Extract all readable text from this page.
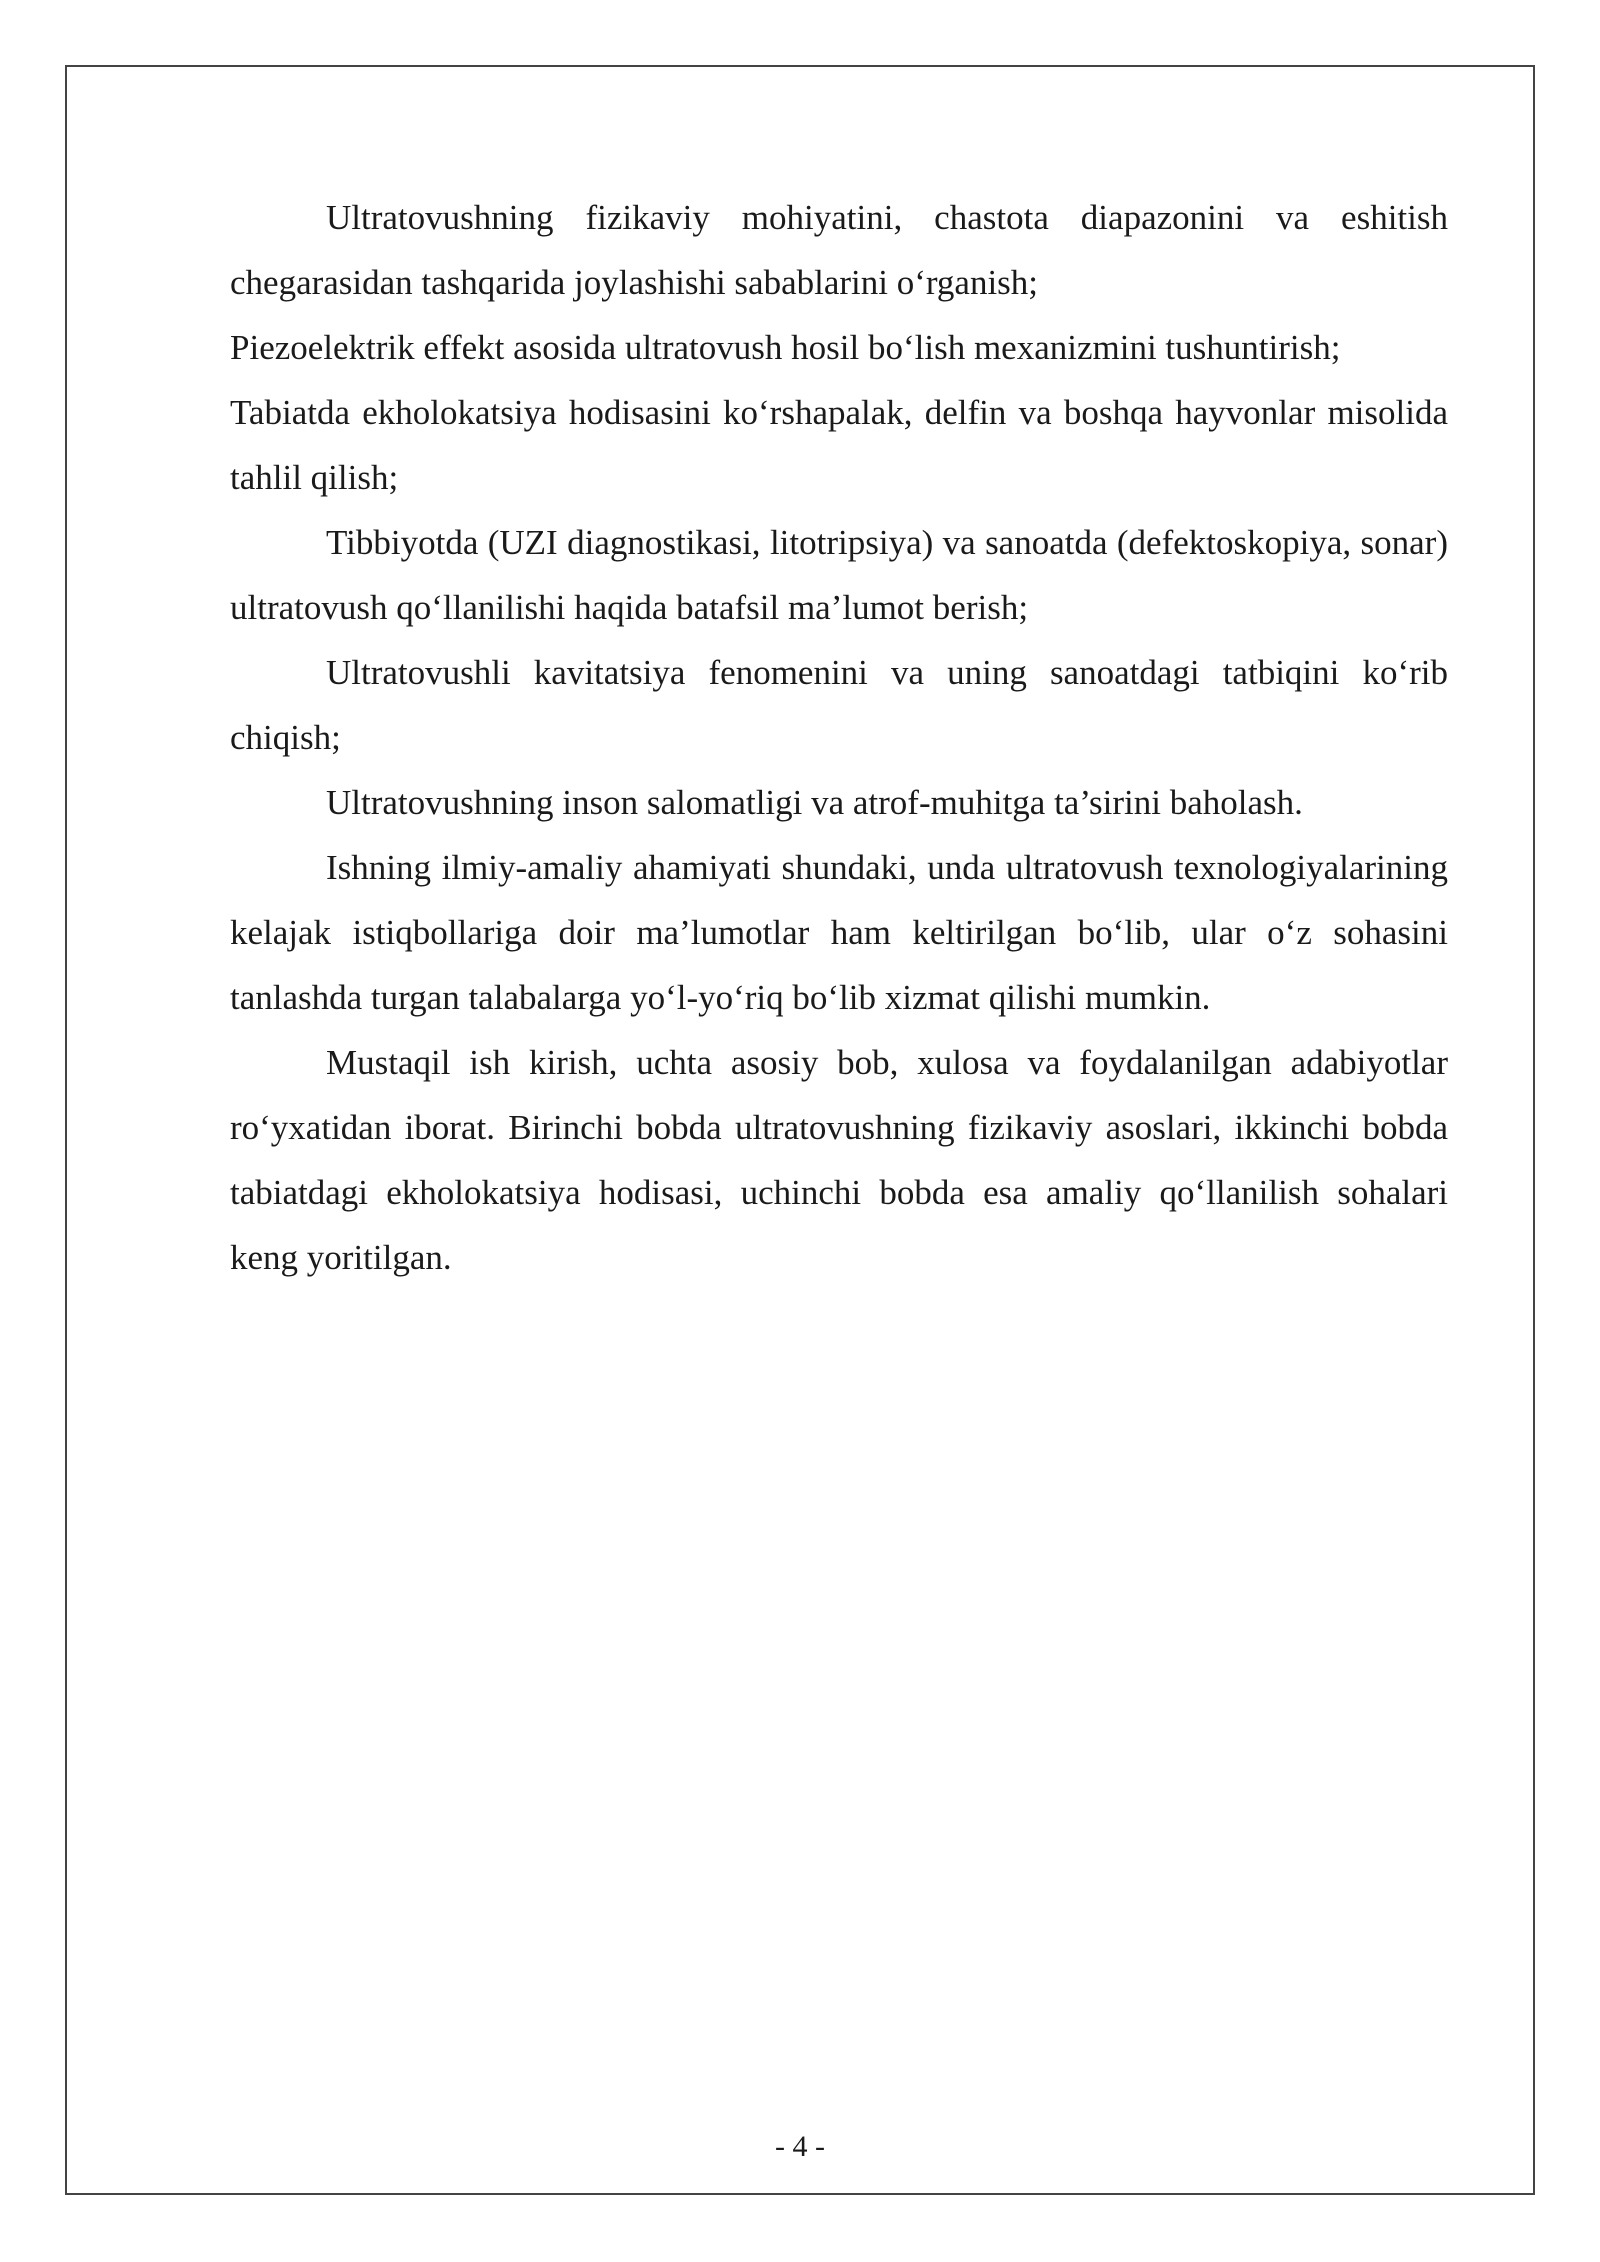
Ultratovushning fizikaviy mohiyatini, chastota diapazonini va eshitish chegarasidan tashqarida joylashishi sabablarini o‘rganish;

Piezoelektrik effekt asosida ultratovush hosil bo‘lish mexanizmini tushuntirish;

Tabiatda ekholokatsiya hodisasini ko‘rshapalak, delfin va boshqa hayvonlar misolida tahlil qilish;

Tibbiyotda (UZI diagnostikasi, litotripsiya) va sanoatda (defektoskopiya, sonar) ultratovush qo‘llanilishi haqida batafsil ma’lumot berish;

Ultratovushli kavitatsiya fenomenini va uning sanoatdagi tatbiqini ko‘rib chiqish;

Ultratovushning inson salomatligi va atrof-muhitga ta’sirini baholash.

Ishning ilmiy-amaliy ahamiyati shundaki, unda ultratovush texnologiyalarining kelajak istiqbollariga doir ma’lumotlar ham keltirilgan bo‘lib, ular o‘z sohasini tanlashda turgan talabalarga yo‘l-yo‘riq bo‘lib xizmat qilishi mumkin.

Mustaqil ish kirish, uchta asosiy bob, xulosa va foydalanilgan adabiyotlar ro‘yxatidan iborat. Birinchi bobda ultratovushning fizikaviy asoslari, ikkinchi bobda tabiatdagi ekholokatsiya hodisasi, uchinchi bobda esa amaliy qo‘llanilish sohalari keng yoritilgan.

- 4 -
